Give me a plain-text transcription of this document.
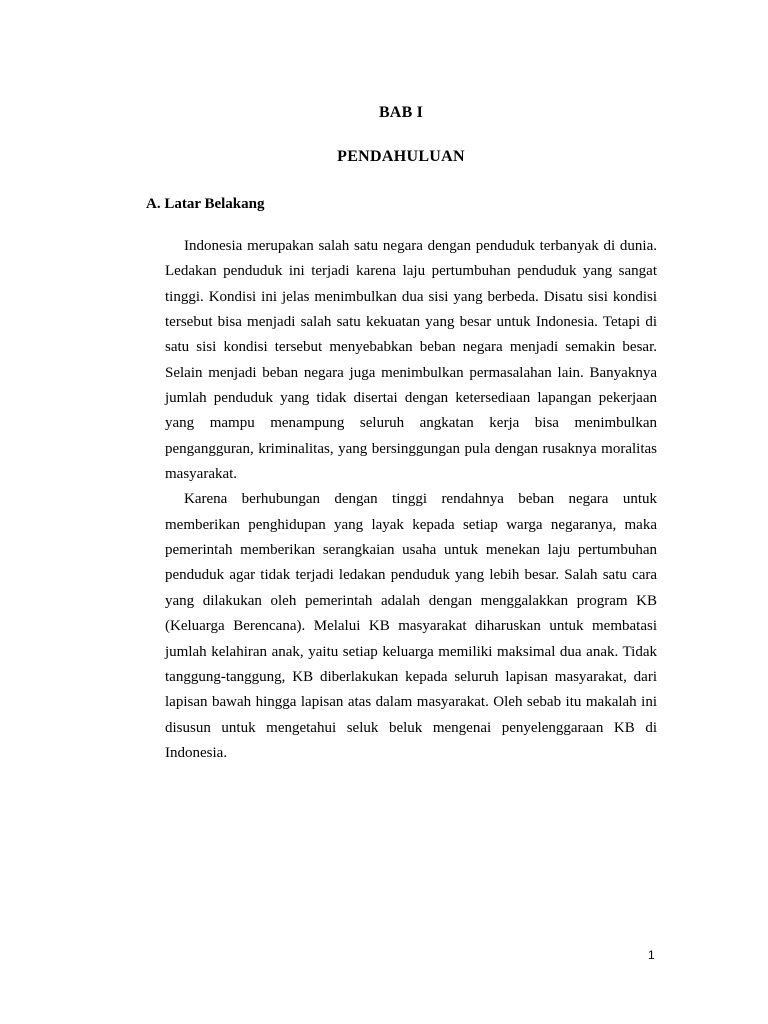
BAB I
PENDAHULUAN
A. Latar Belakang

Indonesia merupakan salah satu negara dengan penduduk terbanyak di dunia. Ledakan penduduk ini terjadi karena laju pertumbuhan penduduk yang sangat tinggi. Kondisi ini jelas menimbulkan dua sisi yang berbeda. Disatu sisi kondisi tersebut bisa menjadi salah satu kekuatan yang besar untuk Indonesia. Tetapi di satu sisi kondisi tersebut menyebabkan beban negara menjadi semakin besar. Selain menjadi beban negara juga menimbulkan permasalahan lain. Banyaknya jumlah penduduk yang tidak disertai dengan ketersediaan lapangan pekerjaan yang mampu menampung seluruh angkatan kerja bisa menimbulkan pengangguran, kriminalitas, yang bersinggungan pula dengan rusaknya moralitas masyarakat.

Karena berhubungan dengan tinggi rendahnya beban negara untuk memberikan penghidupan yang layak kepada setiap warga negaranya, maka pemerintah memberikan serangkaian usaha untuk menekan laju pertumbuhan penduduk agar tidak terjadi ledakan penduduk yang lebih besar. Salah satu cara yang dilakukan oleh pemerintah adalah dengan menggalakkan program KB (Keluarga Berencana). Melalui KB masyarakat diharuskan untuk membatasi jumlah kelahiran anak, yaitu setiap keluarga memiliki maksimal dua anak. Tidak tanggung-tanggung, KB diberlakukan kepada seluruh lapisan masyarakat, dari lapisan bawah hingga lapisan atas dalam masyarakat. Oleh sebab itu makalah ini disusun untuk mengetahui seluk beluk mengenai penyelenggaraan KB di Indonesia.

1
